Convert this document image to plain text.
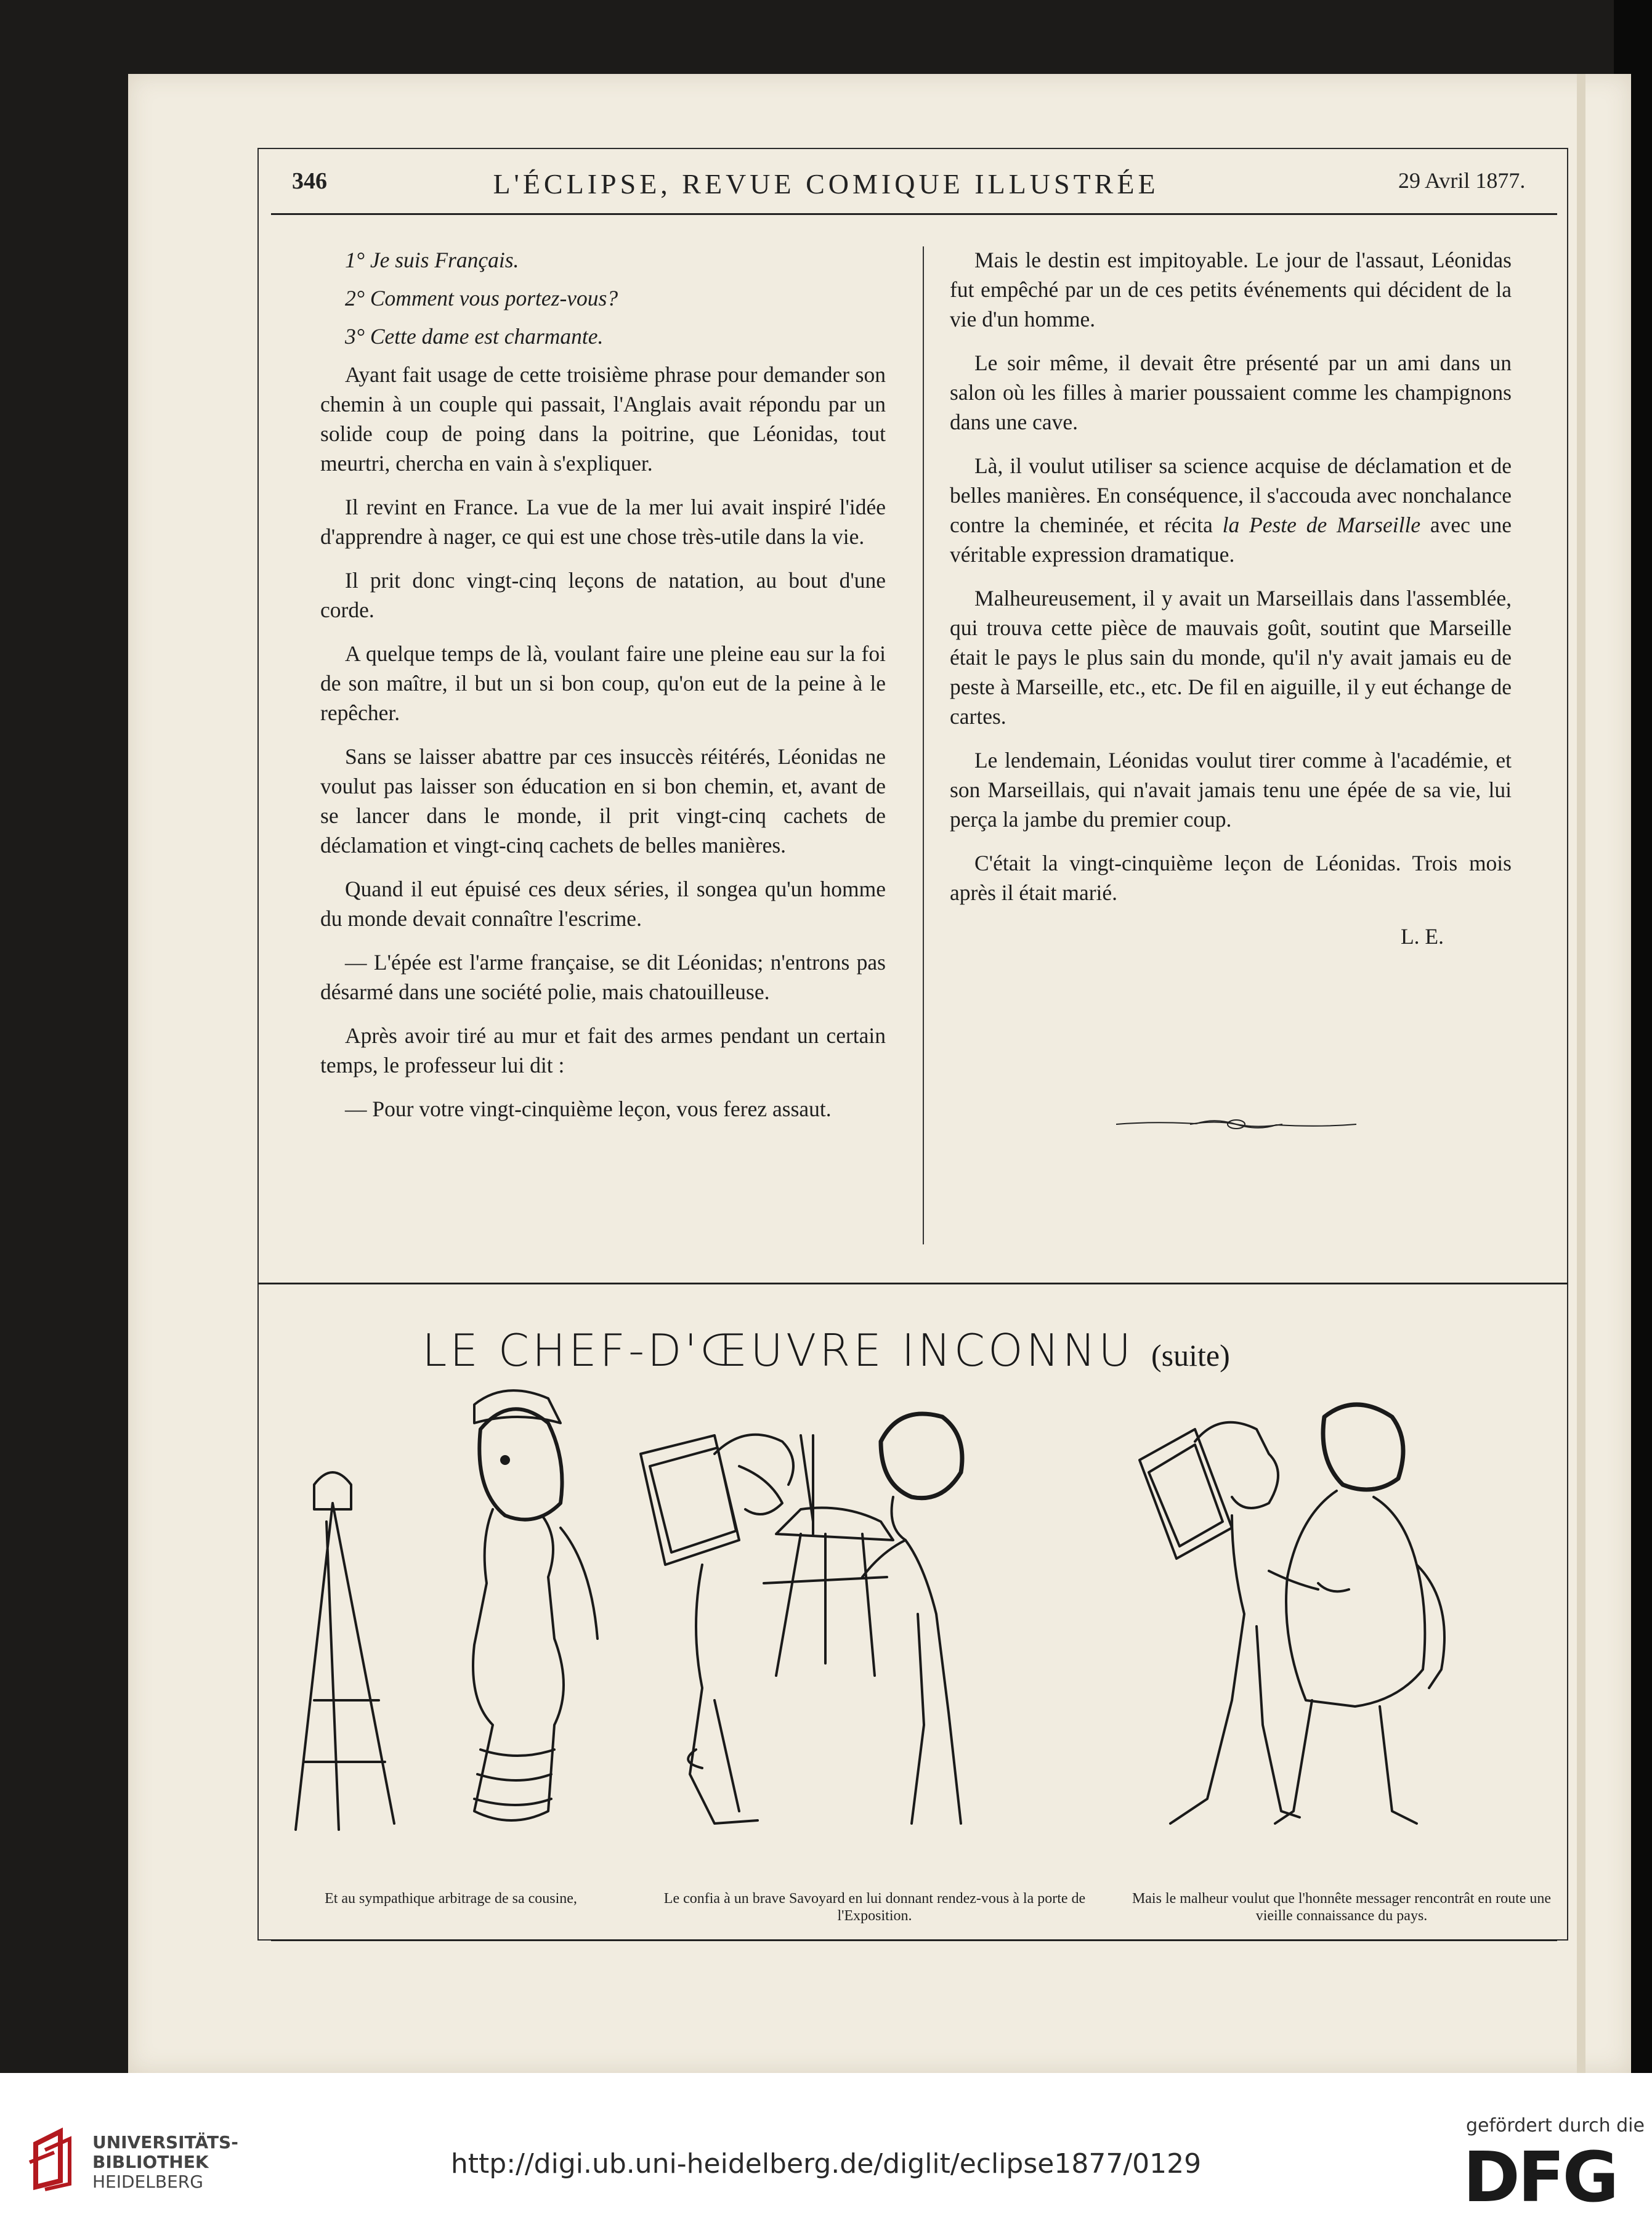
346	L'ÉCLIPSE, REVUE COMIQUE ILLUSTRÉE	29 Avril 1877.

1° Je suis Français.

2° Comment vous portez-vous?

3° Cette dame est charmante.

Ayant fait usage de cette troisième phrase pour demander son chemin à un couple qui passait, l'Anglais avait répondu par un solide coup de poing dans la poitrine, que Léonidas, tout meurtri, chercha en vain à s'expliquer.

Il revint en France. La vue de la mer lui avait inspiré l'idée d'apprendre à nager, ce qui est une chose très-utile dans la vie.

Il prit donc vingt-cinq leçons de natation, au bout d'une corde.

A quelque temps de là, voulant faire une pleine eau sur la foi de son maître, il but un si bon coup, qu'on eut de la peine à le repêcher.

Sans se laisser abattre par ces insuccès réitérés, Léonidas ne voulut pas laisser son éducation en si bon chemin, et, avant de se lancer dans le monde, il prit vingt-cinq cachets de déclamation et vingt-cinq cachets de belles manières.

Quand il eut épuisé ces deux séries, il songea qu'un homme du monde devait connaître l'escrime.

— L'épée est l'arme française, se dit Léonidas; n'entrons pas désarmé dans une société polie, mais chatouilleuse.

Après avoir tiré au mur et fait des armes pendant un certain temps, le professeur lui dit :

— Pour votre vingt-cinquième leçon, vous ferez assaut.

Mais le destin est impitoyable. Le jour de l'assaut, Léonidas fut empêché par un de ces petits événements qui décident de la vie d'un homme.

Le soir même, il devait être présenté par un ami dans un salon où les filles à marier poussaient comme les champignons dans une cave.

Là, il voulut utiliser sa science acquise de déclamation et de belles manières. En conséquence, il s'accouda avec nonchalance contre la cheminée, et récita la Peste de Marseille avec une véritable expression dramatique.

Malheureusement, il y avait un Marseillais dans l'assemblée, qui trouva cette pièce de mauvais goût, soutint que Marseille était le pays le plus sain du monde, qu'il n'y avait jamais eu de peste à Marseille, etc., etc. De fil en aiguille, il y eut échange de cartes.

Le lendemain, Léonidas voulut tirer comme à l'académie, et son Marseillais, qui n'avait jamais tenu une épée de sa vie, lui perça la jambe du premier coup.

C'était la vingt-cinquième leçon de Léonidas. Trois mois après il était marié.

L. E.

LE CHEF-D'ŒUVRE INCONNU (suite)
Et au sympathique arbitrage de sa cousine,	Le confia à un brave Savoyard en lui donnant rendez-vous à la porte de l'Exposition.
Mais le malheur voulut que l'honnête messager rencontrât en route une vieille connaissance du pays.
UNIVERSITÄTS-
BIBLIOTHEK
HEIDELBERG
http://digi.ub.uni-heidelberg.de/diglit/eclipse1877/0129
gefördert durch die
DFG
